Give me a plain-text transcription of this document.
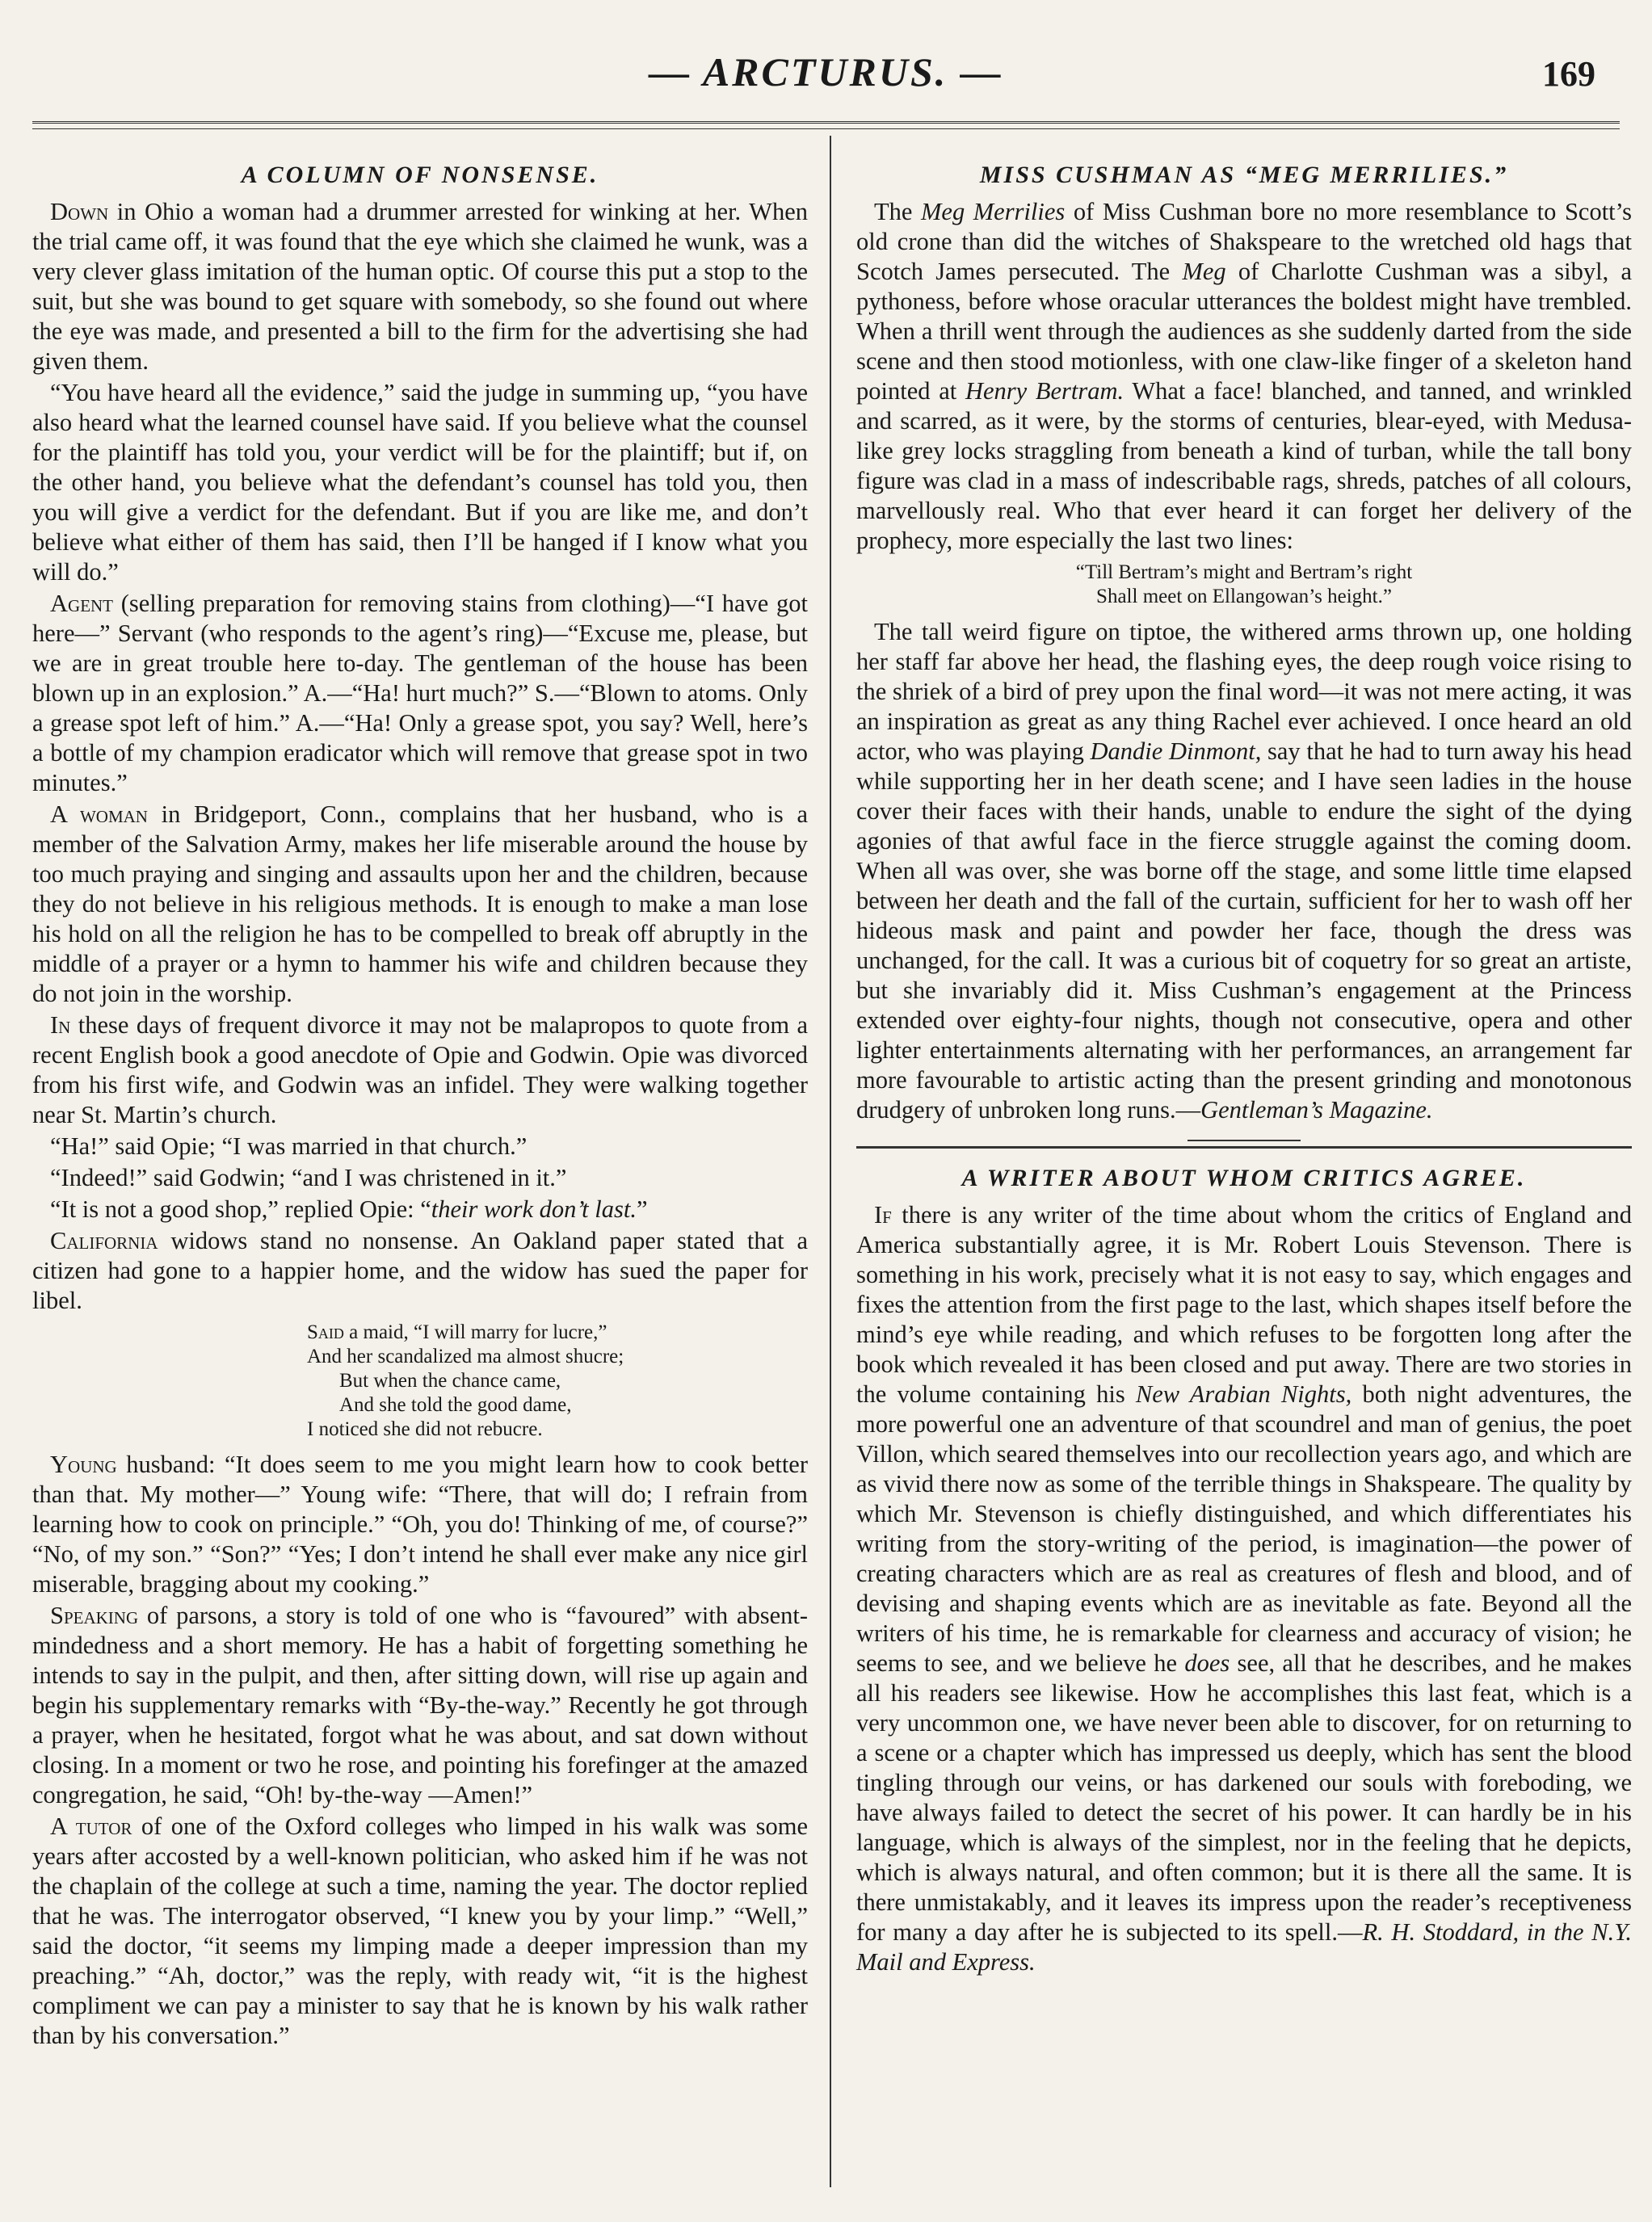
— ARCTURUS. —	169
A COLUMN OF NONSENSE.

Down in Ohio a woman had a drummer arrested for winking at her. When the trial came off, it was found that the eye which she claimed he wunk, was a very clever glass imitation of the human optic. Of course this put a stop to the suit, but she was bound to get square with somebody, so she found out where the eye was made, and presented a bill to the firm for the advertising she had given them.

“You have heard all the evidence,” said the judge in summing up, “you have also heard what the learned counsel have said. If you believe what the counsel for the plaintiff has told you, your verdict will be for the plaintiff; but if, on the other hand, you believe what the defendant’s counsel has told you, then you will give a verdict for the defendant. But if you are like me, and don’t believe what either of them has said, then I’ll be hanged if I know what you will do.”

Agent (selling preparation for removing stains from clothing)—“I have got here—” Servant (who responds to the agent’s ring)—“Excuse me, please, but we are in great trouble here to-day. The gentleman of the house has been blown up in an explosion.” A.—“Ha! hurt much?” S.—“Blown to atoms. Only a grease spot left of him.” A.—“Ha! Only a grease spot, you say? Well, here’s a bottle of my champion eradicator which will remove that grease spot in two minutes.”

A woman in Bridgeport, Conn., complains that her husband, who is a member of the Salvation Army, makes her life miserable around the house by too much praying and singing and assaults upon her and the children, because they do not believe in his religious methods. It is enough to make a man lose his hold on all the religion he has to be compelled to break off abruptly in the middle of a prayer or a hymn to hammer his wife and children because they do not join in the worship.

In these days of frequent divorce it may not be malapropos to quote from a recent English book a good anecdote of Opie and Godwin. Opie was divorced from his first wife, and Godwin was an infidel. They were walking together near St. Martin’s church.

“Ha!” said Opie; “I was married in that church.”

“Indeed!” said Godwin; “and I was christened in it.”

“It is not a good shop,” replied Opie: “their work don’t last.”

California widows stand no nonsense. An Oakland paper stated that a citizen had gone to a happier home, and the widow has sued the paper for libel.

Said a maid, “I will marry for lucre,”
And her scandalized ma almost shucre;
But when the chance came,
And she told the good dame,
I noticed she did not rebucre.

Young husband: “It does seem to me you might learn how to cook better than that. My mother—” Young wife: “There, that will do; I refrain from learning how to cook on principle.” “Oh, you do! Thinking of me, of course?” “No, of my son.” “Son?” “Yes; I don’t intend he shall ever make any nice girl miserable, bragging about my cooking.”

Speaking of parsons, a story is told of one who is “favoured” with absent-mindedness and a short memory. He has a habit of forgetting something he intends to say in the pulpit, and then, after sitting down, will rise up again and begin his supplementary remarks with “By-the-way.” Recently he got through a prayer, when he hesitated, forgot what he was about, and sat down without closing. In a moment or two he rose, and pointing his forefinger at the amazed congregation, he said, “Oh! by-the-way —Amen!”

A tutor of one of the Oxford colleges who limped in his walk was some years after accosted by a well-known politician, who asked him if he was not the chaplain of the college at such a time, naming the year. The doctor replied that he was. The interrogator observed, “I knew you by your limp.” “Well,” said the doctor, “it seems my limping made a deeper impression than my preaching.” “Ah, doctor,” was the reply, with ready wit, “it is the highest compliment we can pay a minister to say that he is known by his walk rather than by his conversation.”

MISS CUSHMAN AS “MEG MERRILIES.”

The Meg Merrilies of Miss Cushman bore no more resemblance to Scott’s old crone than did the witches of Shakspeare to the wretched old hags that Scotch James persecuted. The Meg of Charlotte Cushman was a sibyl, a pythoness, before whose oracular utterances the boldest might have trembled. When a thrill went through the audiences as she suddenly darted from the side scene and then stood motionless, with one claw-like finger of a skeleton hand pointed at Henry Bertram. What a face! blanched, and tanned, and wrinkled and scarred, as it were, by the storms of centuries, blear-eyed, with Medusa-like grey locks straggling from beneath a kind of turban, while the tall bony figure was clad in a mass of indescribable rags, shreds, patches of all colours, marvellously real. Who that ever heard it can forget her delivery of the prophecy, more especially the last two lines:

“Till Bertram’s might and Bertram’s right
Shall meet on Ellangowan’s height.”

The tall weird figure on tiptoe, the withered arms thrown up, one holding her staff far above her head, the flashing eyes, the deep rough voice rising to the shriek of a bird of prey upon the final word—it was not mere acting, it was an inspiration as great as any thing Rachel ever achieved. I once heard an old actor, who was playing Dandie Dinmont, say that he had to turn away his head while supporting her in her death scene; and I have seen ladies in the house cover their faces with their hands, unable to endure the sight of the dying agonies of that awful face in the fierce struggle against the coming doom. When all was over, she was borne off the stage, and some little time elapsed between her death and the fall of the curtain, sufficient for her to wash off her hideous mask and paint and powder her face, though the dress was unchanged, for the call. It was a curious bit of coquetry for so great an artiste, but she invariably did it. Miss Cushman’s engagement at the Princess extended over eighty-four nights, though not consecutive, opera and other lighter entertainments alternating with her performances, an arrangement far more favourable to artistic acting than the present grinding and monotonous drudgery of unbroken long runs.—Gentleman’s Magazine.

A WRITER ABOUT WHOM CRITICS AGREE.

If there is any writer of the time about whom the critics of England and America substantially agree, it is Mr. Robert Louis Stevenson. There is something in his work, precisely what it is not easy to say, which engages and fixes the attention from the first page to the last, which shapes itself before the mind’s eye while reading, and which refuses to be forgotten long after the book which revealed it has been closed and put away. There are two stories in the volume containing his New Arabian Nights, both night adventures, the more powerful one an adventure of that scoundrel and man of genius, the poet Villon, which seared themselves into our recollection years ago, and which are as vivid there now as some of the terrible things in Shakspeare. The quality by which Mr. Stevenson is chiefly distinguished, and which differentiates his writing from the story-writing of the period, is imagination—the power of creating characters which are as real as creatures of flesh and blood, and of devising and shaping events which are as inevitable as fate. Beyond all the writers of his time, he is remarkable for clearness and accuracy of vision; he seems to see, and we believe he does see, all that he describes, and he makes all his readers see likewise. How he accomplishes this last feat, which is a very uncommon one, we have never been able to discover, for on returning to a scene or a chapter which has impressed us deeply, which has sent the blood tingling through our veins, or has darkened our souls with foreboding, we have always failed to detect the secret of his power. It can hardly be in his language, which is always of the simplest, nor in the feeling that he depicts, which is always natural, and often common; but it is there all the same. It is there unmistakably, and it leaves its impress upon the reader’s receptiveness for many a day after he is subjected to its spell.—R. H. Stoddard, in the N.Y. Mail and Express.
